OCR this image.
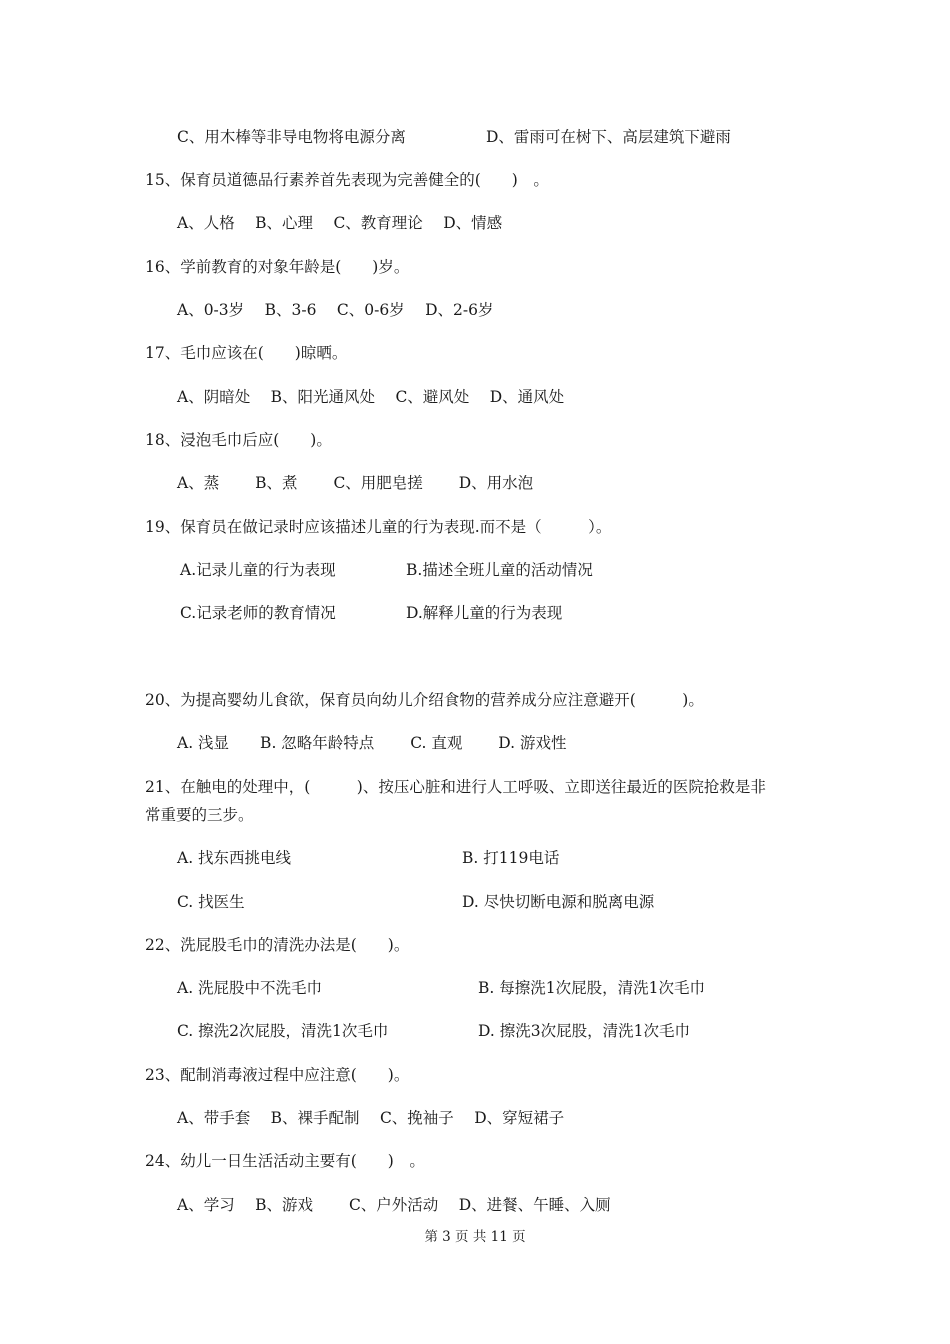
C、用木棒等非导电物将电源分离	D、雷雨可在树下、高层建筑下避雨
15、保育员道德品行素养首先表现为完善健全的(　　)　。
A、人格　 B、心理　 C、教育理论　 D、情感
16、学前教育的对象年龄是(　　)岁。
A、0-3岁　 B、3-6　 C、0-6岁　 D、2-6岁
17、毛巾应该在(　　)晾晒。
A、阴暗处　 B、阳光通风处　 C、避风处　 D、通风处
18、浸泡毛巾后应(　　)。
A、蒸　　 B、煮　　 C、用肥皂搓　　 D、用水泡
19、保育员在做记录时应该描述儿童的行为表现.而不是（　　　）。
A.记录儿童的行为表现	B.描述全班儿童的活动情况
C.记录老师的教育情况	D.解释儿童的行为表现
20、为提高婴幼儿食欲，保育员向幼儿介绍食物的营养成分应注意避开(　　　)。
A. 浅显　　B. 忽略年龄特点　　 C. 直观　　 D. 游戏性
21、在触电的处理中，(　　　)、按压心脏和进行人工呼吸、立即送往最近的医院抢救是非
常重要的三步。
A. 找东西挑电线	B. 打119电话
C. 找医生	D. 尽快切断电源和脱离电源
22、洗屁股毛巾的清洗办法是(　　)。
A. 洗屁股中不洗毛巾	B. 每擦洗1次屁股，清洗1次毛巾
C. 擦洗2次屁股，清洗1次毛巾	D. 擦洗3次屁股，清洗1次毛巾
23、配制消毒液过程中应注意(　　)。
A、带手套　 B、裸手配制　 C、挽袖子　 D、穿短裙子
24、幼儿一日生活活动主要有(　　)　。
A、学习　 B、游戏　　 C、户外活动　 D、进餐、午睡、入厕
第 3 页 共 11 页
